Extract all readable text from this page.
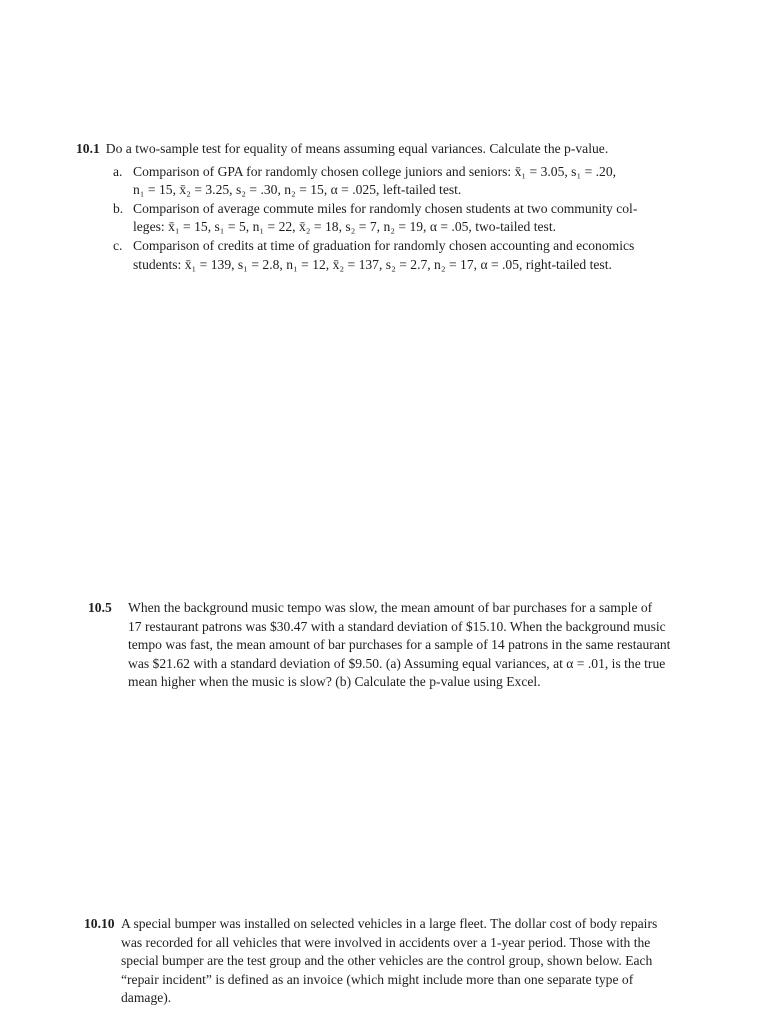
10.1 Do a two-sample test for equality of means assuming equal variances. Calculate the p-value.
a. Comparison of GPA for randomly chosen college juniors and seniors: x̄₁ = 3.05, s₁ = .20,
n₁ = 15, x̄₂ = 3.25, s₂ = .30, n₂ = 15, α = .025, left-tailed test.
b. Comparison of average commute miles for randomly chosen students at two community col-
leges: x̄₁ = 15, s₁ = 5, n₁ = 22, x̄₂ = 18, s₂ = 7, n₂ = 19, α = .05, two-tailed test.
c. Comparison of credits at time of graduation for randomly chosen accounting and economics
students: x̄₁ = 139, s₁ = 2.8, n₁ = 12, x̄₂ = 137, s₂ = 2.7, n₂ = 17, α = .05, right-tailed test.
10.5 When the background music tempo was slow, the mean amount of bar purchases for a sample of
17 restaurant patrons was $30.47 with a standard deviation of $15.10. When the background music
tempo was fast, the mean amount of bar purchases for a sample of 14 patrons in the same restaurant
was $21.62 with a standard deviation of $9.50. (a) Assuming equal variances, at α = .01, is the true
mean higher when the music is slow? (b) Calculate the p-value using Excel.
10.10 A special bumper was installed on selected vehicles in a large fleet. The dollar cost of body repairs
was recorded for all vehicles that were involved in accidents over a 1-year period. Those with the
special bumper are the test group and the other vehicles are the control group, shown below. Each
“repair incident” is defined as an invoice (which might include more than one separate type of
damage).
